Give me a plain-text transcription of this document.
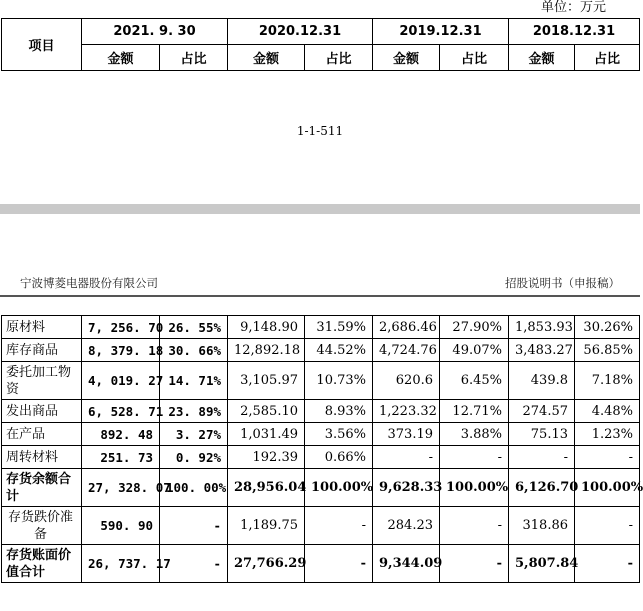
单位：万元
项目	2021. 9. 30		2020.12.31		2019.12.31		2018.12.31	
	金额	占比	金额	占比	金额	占比	金额	占比
1-1-511
宁波博菱电器股份有限公司	招股说明书（申报稿）
原材料	7, 256. 70	26. 55%	9,148.90	31.59%	2,686.46	27.90%	1,853.93	30.26%
库存商品	8, 379. 18	30. 66%	12,892.18	44.52%	4,724.76	49.07%	3,483.27	56.85%
委托加工物资	4, 019. 27	14. 71%	3,105.97	10.73%	620.6	6.45%	439.8	7.18%
发出商品	6, 528. 71	23. 89%	2,585.10	8.93%	1,223.32	12.71%	274.57	4.48%
在产品	892. 48	3. 27%	1,031.49	3.56%	373.19	3.88%	75.13	1.23%
周转材料	251. 73	0. 92%	192.39	0.66%	-	-	-	-
存货余额合计	27, 328. 07	100. 00%	28,956.04	100.00%	9,628.33	100.00%	6,126.70	100.00%
存货跌价准备	590. 90	-	1,189.75	-	284.23	-	318.86	-
存货账面价值合计	26, 737. 17	-	27,766.29	-	9,344.09	-	5,807.84	-
